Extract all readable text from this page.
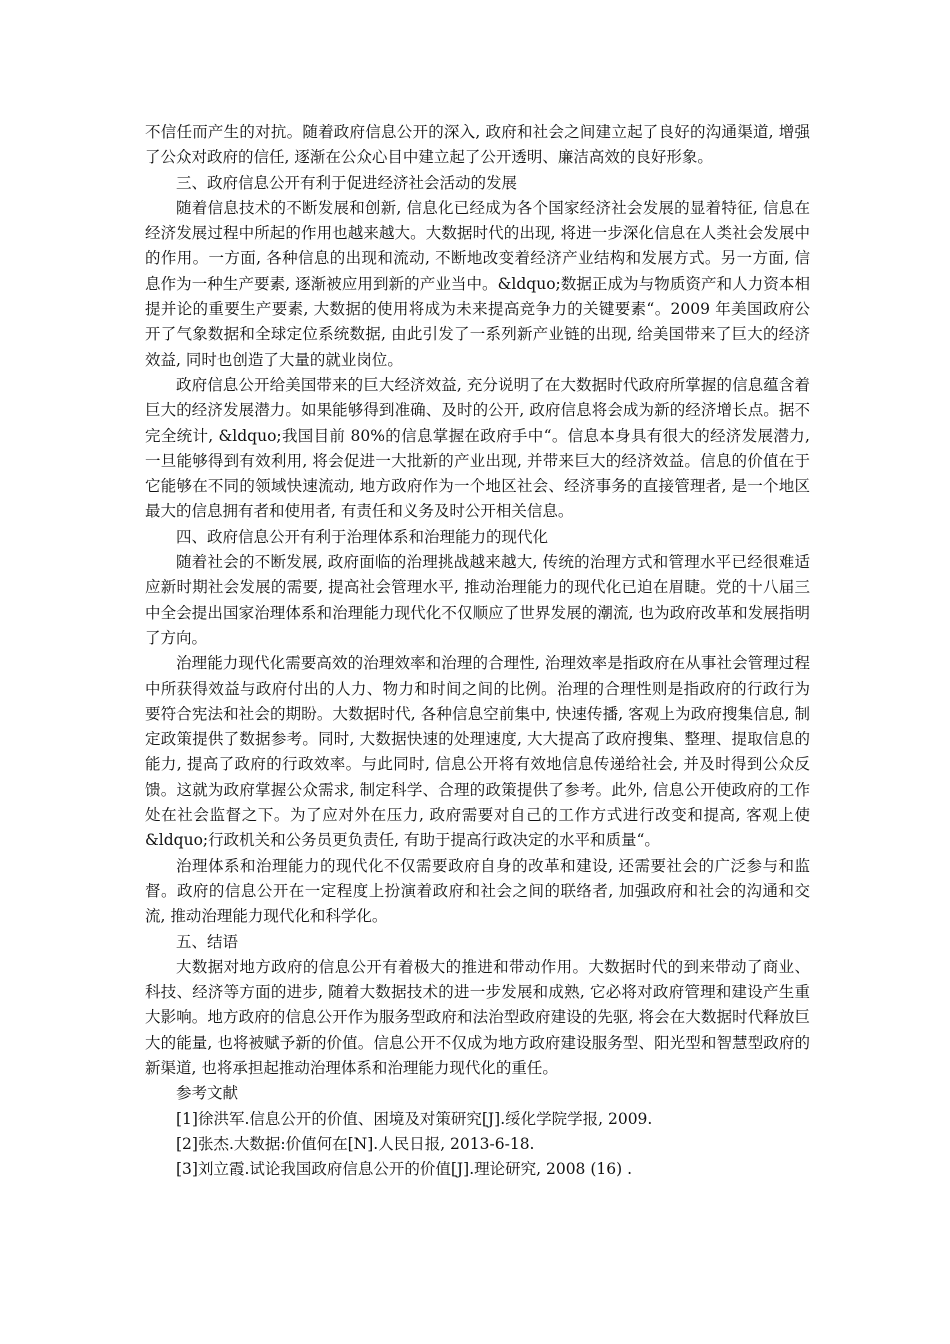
不信任而产生的对抗。随着政府信息公开的深入, 政府和社会之间建立起了良好的沟通渠道, 增强了公众对政府的信任, 逐渐在公众心目中建立起了公开透明、廉洁高效的良好形象。

三、政府信息公开有利于促进经济社会活动的发展

随着信息技术的不断发展和创新, 信息化已经成为各个国家经济社会发展的显着特征, 信息在经济发展过程中所起的作用也越来越大。大数据时代的出现, 将进一步深化信息在人类社会发展中的作用。一方面, 各种信息的出现和流动, 不断地改变着经济产业结构和发展方式。另一方面, 信息作为一种生产要素, 逐渐被应用到新的产业当中。&ldquo;数据正成为与物质资产和人力资本相提并论的重要生产要素, 大数据的使用将成为未来提高竞争力的关键要素“。2009 年美国政府公开了气象数据和全球定位系统数据, 由此引发了一系列新产业链的出现, 给美国带来了巨大的经济效益, 同时也创造了大量的就业岗位。

政府信息公开给美国带来的巨大经济效益, 充分说明了在大数据时代政府所掌握的信息蕴含着巨大的经济发展潜力。如果能够得到准确、及时的公开, 政府信息将会成为新的经济增长点。据不完全统计, &ldquo;我国目前 80%的信息掌握在政府手中“。信息本身具有很大的经济发展潜力, 一旦能够得到有效利用, 将会促进一大批新的产业出现, 并带来巨大的经济效益。信息的价值在于它能够在不同的领域快速流动, 地方政府作为一个地区社会、经济事务的直接管理者, 是一个地区最大的信息拥有者和使用者, 有责任和义务及时公开相关信息。

四、政府信息公开有利于治理体系和治理能力的现代化

随着社会的不断发展, 政府面临的治理挑战越来越大, 传统的治理方式和管理水平已经很难适应新时期社会发展的需要, 提高社会管理水平, 推动治理能力的现代化已迫在眉睫。党的十八届三中全会提出国家治理体系和治理能力现代化不仅顺应了世界发展的潮流, 也为政府改革和发展指明了方向。

治理能力现代化需要高效的治理效率和治理的合理性, 治理效率是指政府在从事社会管理过程中所获得效益与政府付出的人力、物力和时间之间的比例。治理的合理性则是指政府的行政行为要符合宪法和社会的期盼。大数据时代, 各种信息空前集中, 快速传播, 客观上为政府搜集信息, 制定政策提供了数据参考。同时, 大数据快速的处理速度, 大大提高了政府搜集、整理、提取信息的能力, 提高了政府的行政效率。与此同时, 信息公开将有效地信息传递给社会, 并及时得到公众反馈。这就为政府掌握公众需求, 制定科学、合理的政策提供了参考。此外, 信息公开使政府的工作处在社会监督之下。为了应对外在压力, 政府需要对自己的工作方式进行改变和提高, 客观上使&ldquo;行政机关和公务员更负责任, 有助于提高行政决定的水平和质量“。

治理体系和治理能力的现代化不仅需要政府自身的改革和建设, 还需要社会的广泛参与和监督。政府的信息公开在一定程度上扮演着政府和社会之间的联络者, 加强政府和社会的沟通和交流, 推动治理能力现代化和科学化。

五、结语

大数据对地方政府的信息公开有着极大的推进和带动作用。大数据时代的到来带动了商业、科技、经济等方面的进步, 随着大数据技术的进一步发展和成熟, 它必将对政府管理和建设产生重大影响。地方政府的信息公开作为服务型政府和法治型政府建设的先驱, 将会在大数据时代释放巨大的能量, 也将被赋予新的价值。信息公开不仅成为地方政府建设服务型、阳光型和智慧型政府的新渠道, 也将承担起推动治理体系和治理能力现代化的重任。

参考文献

[1]徐洪军.信息公开的价值、困境及对策研究[J].绥化学院学报, 2009.

[2]张杰.大数据:价值何在[N].人民日报, 2013-6-18.

[3]刘立霞.试论我国政府信息公开的价值[J].理论研究, 2008 (16) .
